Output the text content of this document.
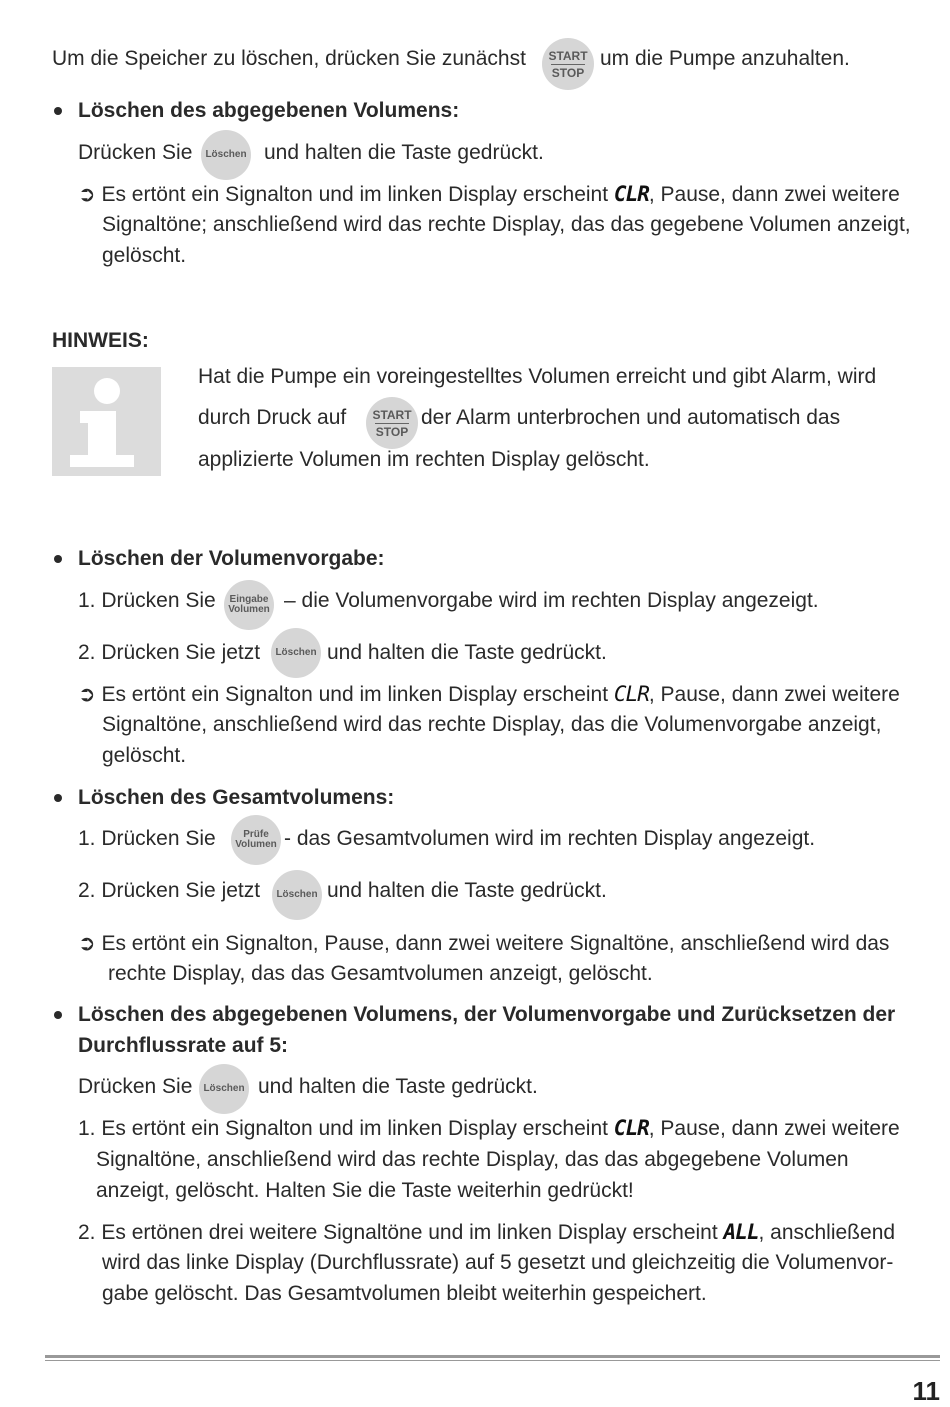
Um die Speicher zu löschen, drücken Sie zunächst START
STOP
um die Pumpe anzuhalten.
Löschen des abgegebenen Volumens:
Drücken Sie Löschen und halten die Taste gedrückt.
➲ Es ertönt ein Signalton und im linken Display erscheint CLR, Pause, dann zwei weitere
Signaltöne; anschließend wird das rechte Display, das das gegebene Volumen anzeigt,
gelöscht.
HINWEIS:
Hat die Pumpe ein voreingestelltes Volumen erreicht und gibt Alarm, wird
durch Druck auf START
STOP
der Alarm unterbrochen und automatisch das
applizierte Volumen im rechten Display gelöscht.
Löschen der Volumenvorgabe:
1. Drücken Sie Eingabe
Volumen – die Volumenvorgabe wird im rechten Display angezeigt.
2. Drücken Sie jetzt Löschen und halten die Taste gedrückt.
➲ Es ertönt ein Signalton und im linken Display erscheint CLR, Pause, dann zwei weitere
Signaltöne, anschließend wird das rechte Display, das die Volumenvorgabe anzeigt,
gelöscht.
Löschen des Gesamtvolumens:
1. Drücken Sie	Prüfe
Volumen - das Gesamtvolumen wird im rechten Display angezeigt.
2. Drücken Sie jetzt Löschen und halten die Taste gedrückt.
➲ Es ertönt ein Signalton, Pause, dann zwei weitere Signaltöne, anschließend wird das
rechte Display, das das Gesamtvolumen anzeigt, gelöscht.
Löschen des abgegebenen Volumens, der Volumenvorgabe und Zurücksetzen der
Durchflussrate auf 5:
Drücken Sie Löschen und halten die Taste gedrückt.
1. Es ertönt ein Signalton und im linken Display erscheint CLR, Pause, dann zwei weitere
Signaltöne, anschließend wird das rechte Display, das das abgegebene Volumen
anzeigt, gelöscht. Halten Sie die Taste weiterhin gedrückt!
2. Es ertönen drei weitere Signaltöne und im linken Display erscheint ALL, anschließend
wird das linke Display (Durchflussrate) auf 5 gesetzt und gleichzeitig die Volumenvor-
gabe gelöscht. Das Gesamtvolumen bleibt weiterhin gespeichert.
11
